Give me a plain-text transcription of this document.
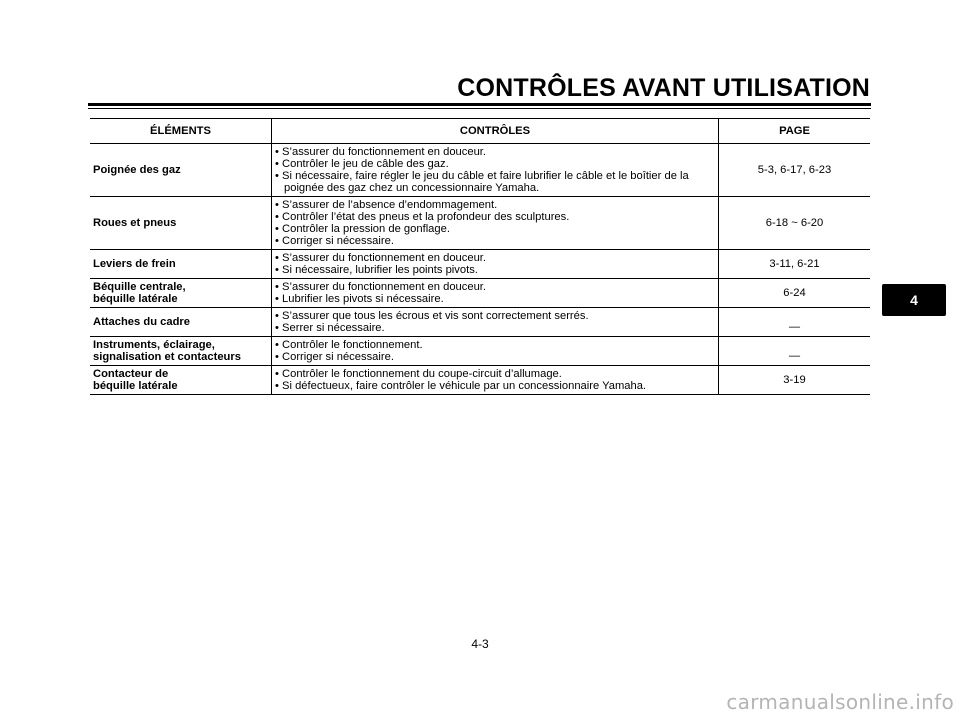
CONTRÔLES AVANT UTILISATION
ÉLÉMENTS	CONTRÔLES	PAGE

Poignée des gaz	• S’assurer du fonctionnement en douceur.
• Contrôler le jeu de câble des gaz.
• Si nécessaire, faire régler le jeu du câble et faire lubrifier le câble et le boîtier de la poignée des gaz chez un concessionnaire Yamaha.	5-3, 6-17, 6-23

Roues et pneus	• S’assurer de l’absence d’endommagement.
• Contrôler l’état des pneus et la profondeur des sculptures.
• Contrôler la pression de gonflage.
• Corriger si nécessaire.	6-18 ~ 6-20

Leviers de frein	• S’assurer du fonctionnement en douceur.
• Si nécessaire, lubrifier les points pivots.	3-11, 6-21

Béquille centrale,
béquille latérale	• S’assurer du fonctionnement en douceur.
• Lubrifier les pivots si nécessaire.	6-24

Attaches du cadre	• S’assurer que tous les écrous et vis sont correctement serrés.
• Serrer si nécessaire.	—

Instruments, éclairage,
signalisation et contacteurs	• Contrôler le fonctionnement.
• Corriger si nécessaire.	—

Contacteur de
béquille latérale	• Contrôler le fonctionnement du coupe-circuit d’allumage.
• Si défectueux, faire contrôler le véhicule par un concessionnaire Yamaha.	3-19
4
4-3
carmanualsonline.info
